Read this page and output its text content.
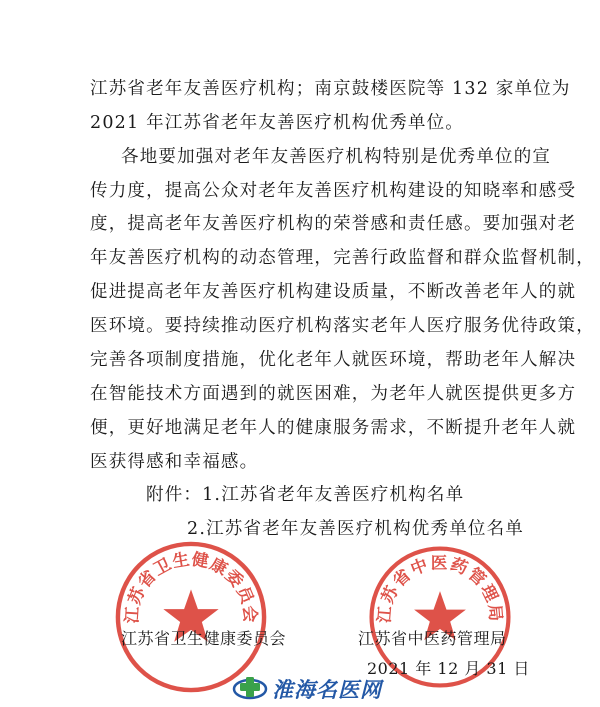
江苏省老年友善医疗机构；南京鼓楼医院等 132 家单位为
2021 年江苏省老年友善医疗机构优秀单位。
各地要加强对老年友善医疗机构特别是优秀单位的宣
传力度，提高公众对老年友善医疗机构建设的知晓率和感受
度，提高老年友善医疗机构的荣誉感和责任感。要加强对老
年友善医疗机构的动态管理，完善行政监督和群众监督机制，
促进提高老年友善医疗机构建设质量，不断改善老年人的就
医环境。要持续推动医疗机构落实老年人医疗服务优待政策，
完善各项制度措施，优化老年人就医环境，帮助老年人解决
在智能技术方面遇到的就医困难，为老年人就医提供更多方
便，更好地满足老年人的健康服务需求，不断提升老年人就
医获得感和幸福感。
附件：1.江苏省老年友善医疗机构名单
2.江苏省老年友善医疗机构优秀单位名单
江苏省卫生健康委员会	江苏省中医药管理局
江苏省卫生健康委员会	江苏省中医药管理局
2021 年 12 月 31 日
淮海名医网
